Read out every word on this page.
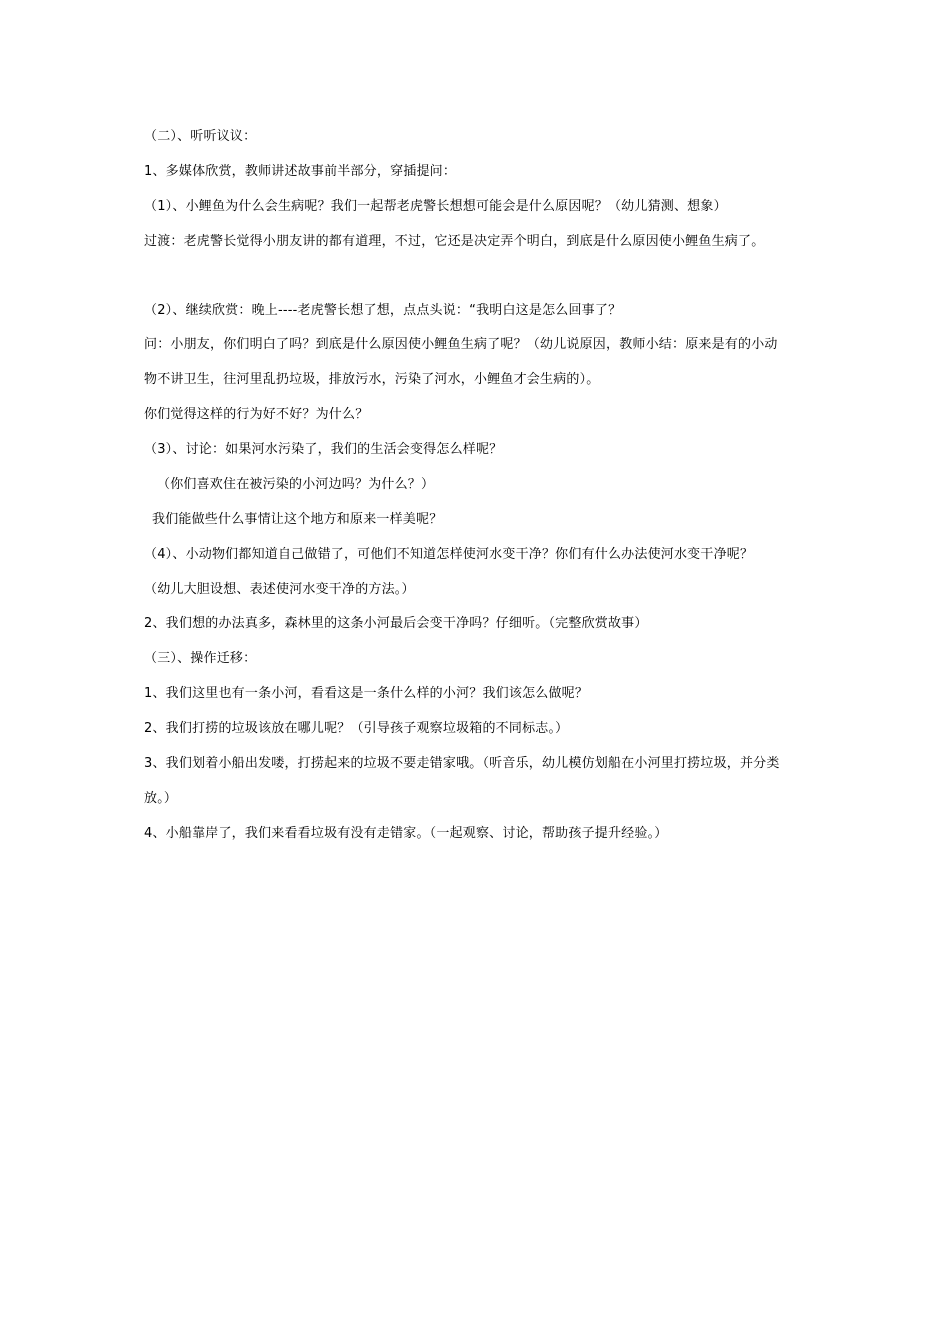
（二）、听听议议：
1、多媒体欣赏，教师讲述故事前半部分，穿插提问：
（1）、小鲤鱼为什么会生病呢？我们一起帮老虎警长想想可能会是什么原因呢？（幼儿猜测、想象）
过渡：老虎警长觉得小朋友讲的都有道理，不过，它还是决定弄个明白，到底是什么原因使小鲤鱼生病了。
（2）、继续欣赏：晚上----老虎警长想了想，点点头说：“我明白这是怎么回事了？
问：小朋友，你们明白了吗？到底是什么原因使小鲤鱼生病了呢？（幼儿说原因，教师小结：原来是有的小动
物不讲卫生，往河里乱扔垃圾，排放污水，污染了河水，小鲤鱼才会生病的）。
你们觉得这样的行为好不好？为什么？
（3）、讨论：如果河水污染了，我们的生活会变得怎么样呢？
（你们喜欢住在被污染的小河边吗？为什么？）
我们能做些什么事情让这个地方和原来一样美呢？
（4）、小动物们都知道自己做错了，可他们不知道怎样使河水变干净？你们有什么办法使河水变干净呢？
（幼儿大胆设想、表述使河水变干净的方法。）
2、我们想的办法真多，森林里的这条小河最后会变干净吗？仔细听。（完整欣赏故事）
（三）、操作迁移：
1、我们这里也有一条小河，看看这是一条什么样的小河？我们该怎么做呢？
2、我们打捞的垃圾该放在哪儿呢？（引导孩子观察垃圾箱的不同标志。）
3、我们划着小船出发喽，打捞起来的垃圾不要走错家哦。（听音乐，幼儿模仿划船在小河里打捞垃圾，并分类
放。）
4、小船靠岸了，我们来看看垃圾有没有走错家。（一起观察、讨论，帮助孩子提升经验。）
